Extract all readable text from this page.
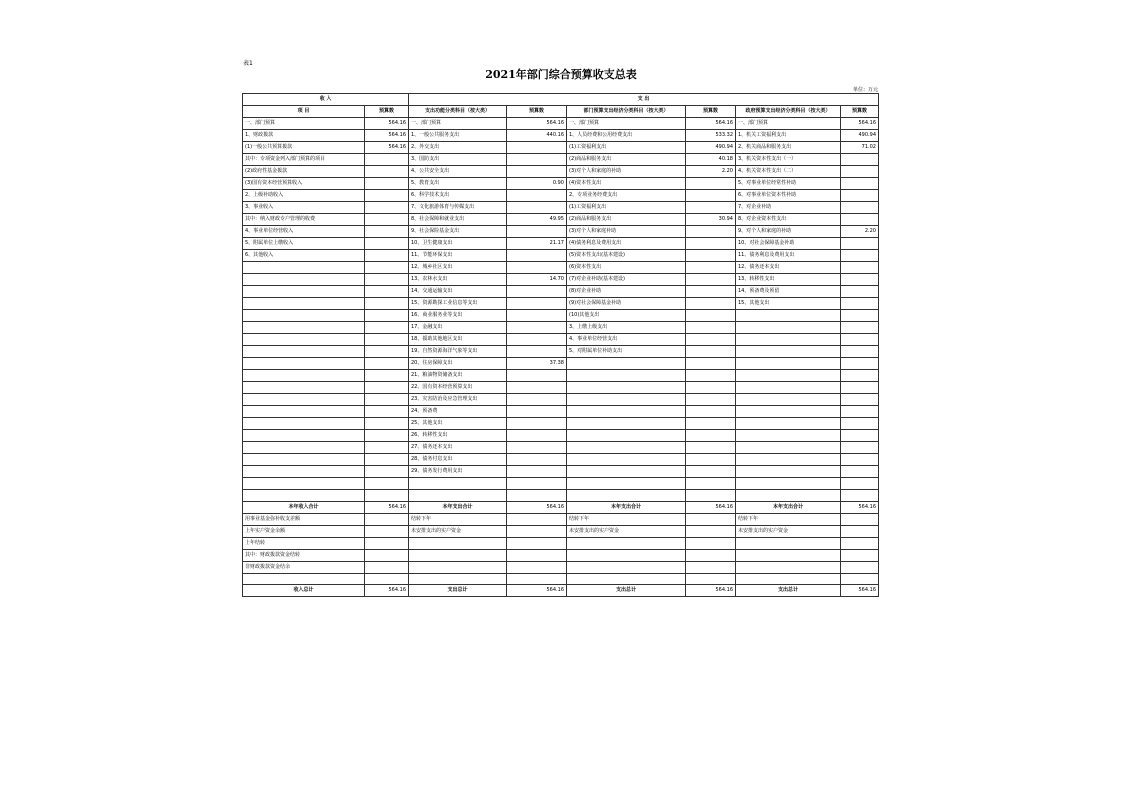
表1
2021年部门综合预算收支总表
单位：万元
收 入		支 出					
项 目	预算数	支出功能分类科目（按大类）	预算数	部门预算支出经济分类科目（按大类）	预算数	政府预算支出经济分类科目（按大类）	预算数
一、部门预算	564.16	一、部门预算	564.16	一、部门预算	564.16	一、部门预算	564.16
1、财政拨款	564.16	1、一般公共服务支出	440.16	1、人员经费和公用经费支出	533.32	1、机关工资福利支出	490.94
(1)一般公共预算拨款	564.16	2、外交支出		(1)工资福利支出	490.94	2、机关商品和服务支出	71.02
其中：专项资金列入部门预算的项目		3、国防支出		(2)商品和服务支出	40.18	3、机关资本性支出（一）	
(2)政府性基金拨款		4、公共安全支出		(3)对个人和家庭的补助	2.20	4、机关资本性支出（二）	
(3)国有资本经营预算收入		5、教育支出	0.90	(4)资本性支出		5、对事业单位经常性补助	
2、上级补助收入		6、科学技术支出		2、专项业务经费支出		6、对事业单位资本性补助	
3、事业收入		7、文化旅游体育与传媒支出		(1)工资福利支出		7、对企业补助	
其中：纳入财政专户管理的收费		8、社会保障和就业支出	49.95	(2)商品和服务支出	30.94	8、对企业资本性支出	
4、事业单位经营收入		9、社会保险基金支出		(3)对个人和家庭补助		9、对个人和家庭的补助	2.20
5、附属单位上缴收入		10、卫生健康支出	21.17	(4)债务利息及费用支出		10、对社会保障基金补助	
6、其他收入		11、节能环保支出		(5)资本性支出(基本建设)		11、债务利息及费用支出	
		12、城乡社区支出		(6)资本性支出		12、债务还本支出	
		13、农林水支出	14.70	(7)对企业补助(基本建设)		13、转移性支出	
		14、交通运输支出		(8)对企业补助		14、预备费及预留	
		15、资源勘探工业信息等支出		(9)对社会保障基金补助		15、其他支出	
		16、商业服务业等支出		(10)其他支出			
		17、金融支出		3、上缴上级支出			
		18、援助其他地区支出		4、事业单位经营支出			
		19、自然资源海洋气象等支出		5、对附属单位补助支出			
		20、住房保障支出	37.38				
		21、粮油物资储备支出					
		22、国有资本经营预算支出					
		23、灾害防治及应急管理支出					
		24、预备费					
		25、其他支出					
		26、转移性支出					
		27、债务还本支出					
		28、债务付息支出					
		29、债务发行费用支出					

本年收入合计	564.16	本年支出合计	564.16	本年支出合计	564.16	本年支出合计	564.16
用事业基金弥补收支差额		结转下年		结转下年		结转下年	
上年实户资金余额		未安排支出的实户资金		未安排支出的实户资金		未安排支出的实户资金	
上年结转							
其中：财政拨款资金结转							
非财政拨款资金结余							

收入总计	564.16	支出总计	564.16	支出总计	564.16	支出总计	564.16
